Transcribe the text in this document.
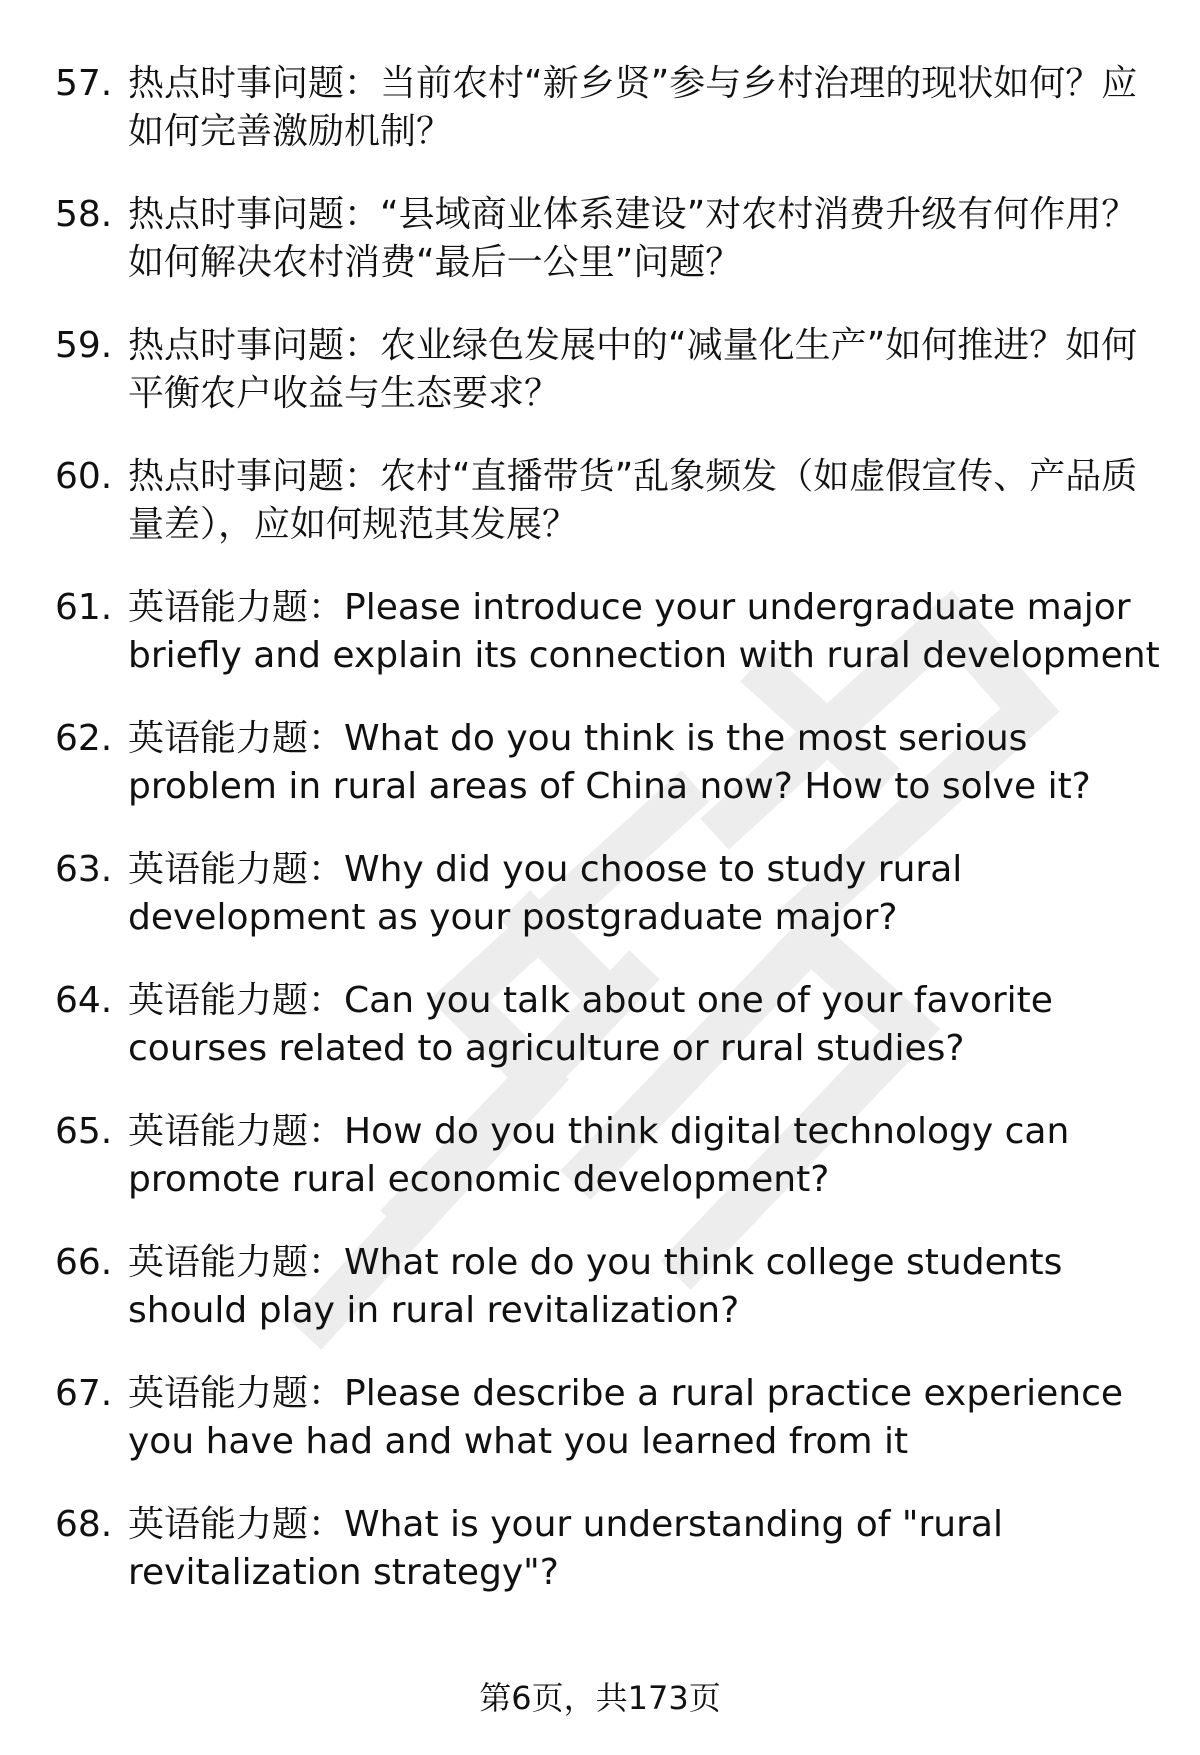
57. 热点时事问题：当前农村“新乡贤”参与乡村治理的现状如何？应如何完善激励机制？
58. 热点时事问题：“县域商业体系建设”对农村消费升级有何作用？如何解决农村消费“最后一公里”问题？
59. 热点时事问题：农业绿色发展中的“减量化生产”如何推进？如何平衡农户收益与生态要求？
60. 热点时事问题：农村“直播带货”乱象频发（如虚假宣传、产品质量差），应如何规范其发展？
61. 英语能力题：Please introduce your undergraduate major briefly and explain its connection with rural development
62. 英语能力题：What do you think is the most serious problem in rural areas of China now? How to solve it?
63. 英语能力题：Why did you choose to study rural development as your postgraduate major?
64. 英语能力题：Can you talk about one of your favorite courses related to agriculture or rural studies?
65. 英语能力题：How do you think digital technology can promote rural economic development?
66. 英语能力题：What role do you think college students should play in rural revitalization?
67. 英语能力题：Please describe a rural practice experience you have had and what you learned from it
68. 英语能力题：What is your understanding of "rural revitalization strategy"?
第6页，共173页
